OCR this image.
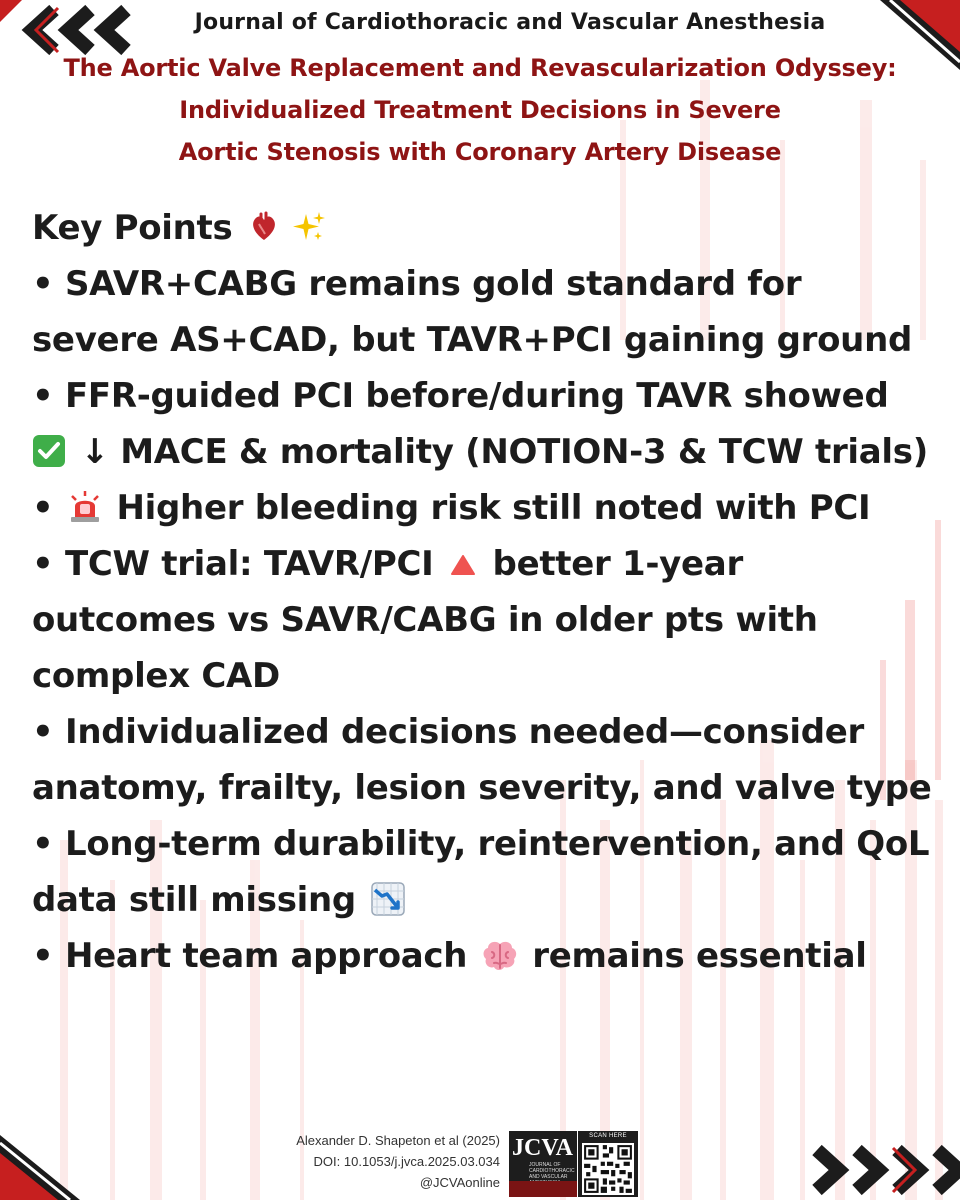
Journal of Cardiothoracic and Vascular Anesthesia
The Aortic Valve Replacement and Revascularization Odyssey:
Individualized Treatment Decisions in Severe
Aortic Stenosis with Coronary Artery Disease
Key Points
• SAVR+CABG remains gold standard for severe AS+CAD, but TAVR+PCI gaining ground
• FFR-guided PCI before/during TAVR showed
↓ MACE & mortality (NOTION-3 & TCW trials)
•  Higher bleeding risk still noted with PCI
• TCW trial: TAVR/PCI  better 1-year outcomes vs SAVR/CABG in older pts with complex CAD
• Individualized decisions needed—consider anatomy, frailty, lesion severity, and valve type
• Long-term durability, reintervention, and QoL data still missing
• Heart team approach  remains essential
Alexander D. Shapeton et al (2025)
DOI: 10.1053/j.jvca.2025.03.034
@JCVAonline
JCVA
JOURNAL OF CARDIOTHORACIC AND VASCULAR
SCAN HERE
